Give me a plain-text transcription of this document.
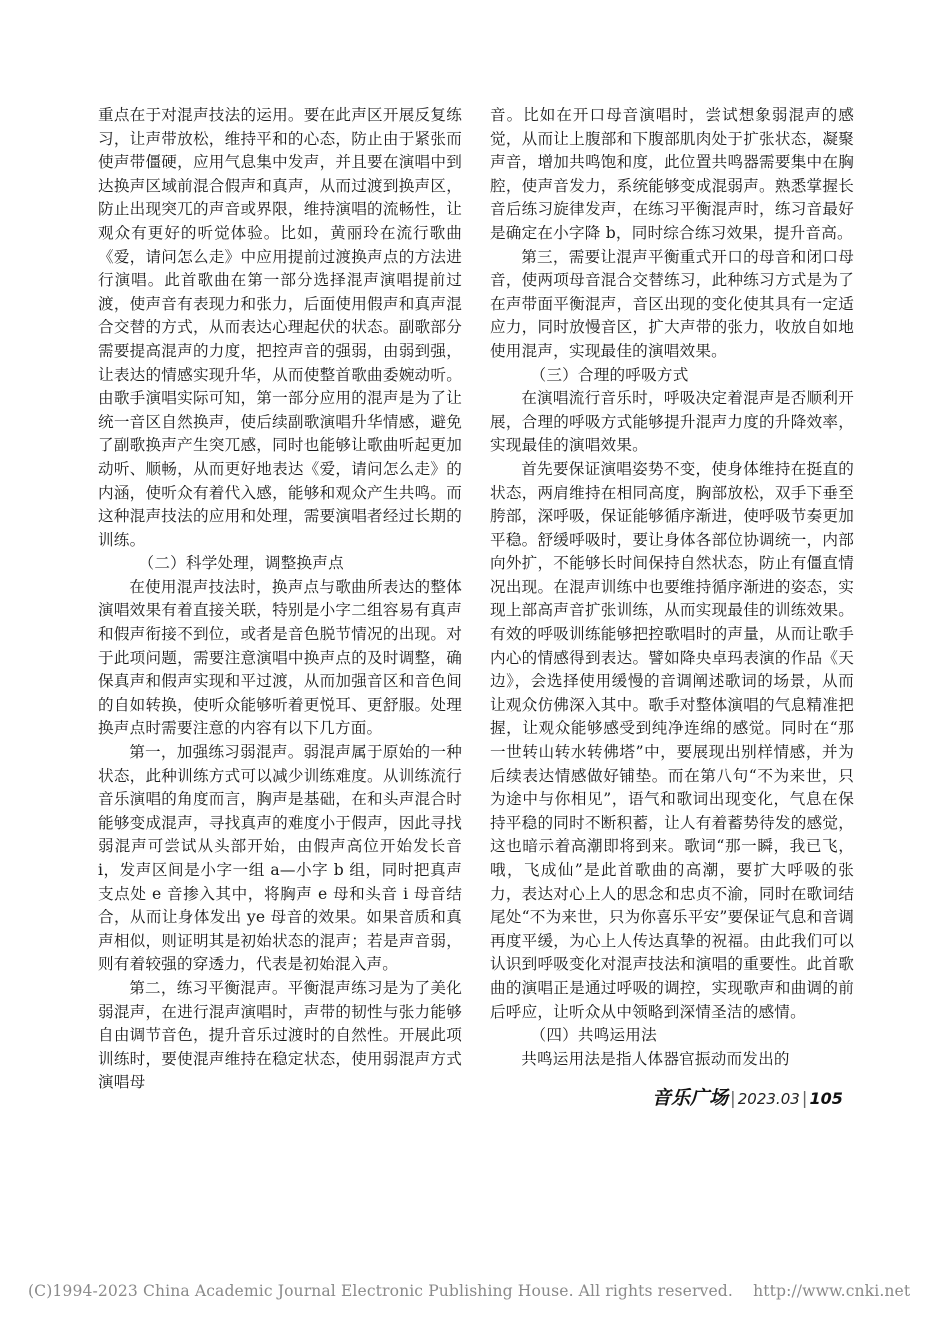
重点在于对混声技法的运用。要在此声区开展反复练习，让声带放松，维持平和的心态，防止由于紧张而使声带僵硬，应用气息集中发声，并且要在演唱中到达换声区域前混合假声和真声，从而过渡到换声区，防止出现突兀的声音或界限，维持演唱的流畅性，让观众有更好的听觉体验。比如，黄丽玲在流行歌曲《爱，请问怎么走》中应用提前过渡换声点的方法进行演唱。此首歌曲在第一部分选择混声演唱提前过渡，使声音有表现力和张力，后面使用假声和真声混合交替的方式，从而表达心理起伏的状态。副歌部分需要提高混声的力度，把控声音的强弱，由弱到强，让表达的情感实现升华，从而使整首歌曲委婉动听。由歌手演唱实际可知，第一部分应用的混声是为了让统一音区自然换声，使后续副歌演唱升华情感，避免了副歌换声产生突兀感，同时也能够让歌曲听起更加动听、顺畅，从而更好地表达《爱，请问怎么走》的内涵，使听众有着代入感，能够和观众产生共鸣。而这种混声技法的应用和处理，需要演唱者经过长期的训练。

（二）科学处理，调整换声点

在使用混声技法时，换声点与歌曲所表达的整体演唱效果有着直接关联，特别是小字二组容易有真声和假声衔接不到位，或者是音色脱节情况的出现。对于此项问题，需要注意演唱中换声点的及时调整，确保真声和假声实现和平过渡，从而加强音区和音色间的自如转换，使听众能够听着更悦耳、更舒服。处理换声点时需要注意的内容有以下几方面。

第一，加强练习弱混声。弱混声属于原始的一种状态，此种训练方式可以减少训练难度。从训练流行音乐演唱的角度而言，胸声是基础，在和头声混合时能够变成混声，寻找真声的难度小于假声，因此寻找弱混声可尝试从头部开始，由假声高位开始发长音 i，发声区间是小字一组 a—小字 b 组，同时把真声支点处 e 音掺入其中，将胸声 e 母和头音 i 母音结合，从而让身体发出 ye 母音的效果。如果音质和真声相似，则证明其是初始状态的混声；若是声音弱，则有着较强的穿透力，代表是初始混入声。

第二，练习平衡混声。平衡混声练习是为了美化弱混声，在进行混声演唱时，声带的韧性与张力能够自由调节音色，提升音乐过渡时的自然性。开展此项训练时，要使混声维持在稳定状态，使用弱混声方式演唱母

音。比如在开口母音演唱时，尝试想象弱混声的感觉，从而让上腹部和下腹部肌肉处于扩张状态，凝聚声音，增加共鸣饱和度，此位置共鸣器需要集中在胸腔，使声音发力，系统能够变成混弱声。熟悉掌握长音后练习旋律发声，在练习平衡混声时，练习音最好是确定在小字降 b，同时综合练习效果，提升音高。

第三，需要让混声平衡重式开口的母音和闭口母音，使两项母音混合交替练习，此种练习方式是为了在声带面平衡混声，音区出现的变化使其具有一定适应力，同时放慢音区，扩大声带的张力，收放自如地使用混声，实现最佳的演唱效果。

（三）合理的呼吸方式

在演唱流行音乐时，呼吸决定着混声是否顺利开展，合理的呼吸方式能够提升混声力度的升降效率，实现最佳的演唱效果。

首先要保证演唱姿势不变，使身体维持在挺直的状态，两肩维持在相同高度，胸部放松，双手下垂至胯部，深呼吸，保证能够循序渐进，使呼吸节奏更加平稳。舒缓呼吸时，要让身体各部位协调统一，内部向外扩，不能够长时间保持自然状态，防止有僵直情况出现。在混声训练中也要维持循序渐进的姿态，实现上部高声音扩张训练，从而实现最佳的训练效果。有效的呼吸训练能够把控歌唱时的声量，从而让歌手内心的情感得到表达。譬如降央卓玛表演的作品《天边》，会选择使用缓慢的音调阐述歌词的场景，从而让观众仿佛深入其中。歌手对整体演唱的气息精准把握，让观众能够感受到纯净连绵的感觉。同时在“那一世转山转水转佛塔”中，要展现出别样情感，并为后续表达情感做好铺垫。而在第八句“不为来世，只为途中与你相见”，语气和歌词出现变化，气息在保持平稳的同时不断积蓄，让人有着蓄势待发的感觉，这也暗示着高潮即将到来。歌词“那一瞬，我已飞，哦，飞成仙”是此首歌曲的高潮，要扩大呼吸的张力，表达对心上人的思念和忠贞不渝，同时在歌词结尾处“不为来世，只为你喜乐平安”要保证气息和音调再度平缓，为心上人传达真挚的祝福。由此我们可以认识到呼吸变化对混声技法和演唱的重要性。此首歌曲的演唱正是通过呼吸的调控，实现歌声和曲调的前后呼应，让听众从中领略到深情圣洁的感情。

（四）共鸣运用法

共鸣运用法是指人体器官振动而发出的

音乐广场 | 2023.03 | 105
(C)1994-2023 China Academic Journal Electronic Publishing House. All rights reserved.    http://www.cnki.net
